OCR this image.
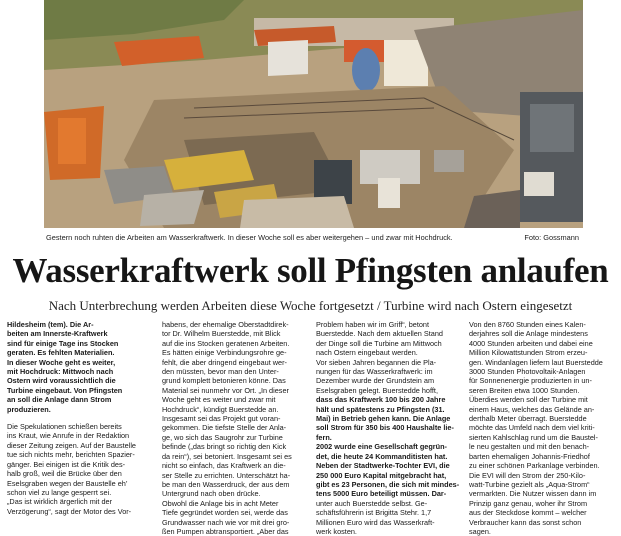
Gestern noch ruhten die Arbeiten am Wasserkraftwerk. In dieser Woche soll es aber weitergehen – und zwar mit Hochdruck.	Foto: Gossmann
Wasserkraftwerk soll Pfingsten anlaufen
Nach Unterbrechung werden Arbeiten diese Woche fortgesetzt / Turbine wird nach Ostern eingesetzt
Hildesheim (tem). Die Ar-
beiten am Innerste-Kraftwerk
sind für einige Tage ins Stocken
geraten. Es fehlten Materialien.
In dieser Woche geht es weiter,
mit Hochdruck: Mittwoch nach
Ostern wird voraussichtlich die
Turbine eingebaut. Von Pfingsten
an soll die Anlage dann Strom
produzieren.
Die Spekulationen schießen bereits
ins Kraut, wie Anrufe in der Redaktion
dieser Zeitung zeigen. Auf der Baustelle
tue sich nichts mehr, berichten Spazier-
gänger. Bei einigen ist die Kritik des-
halb groß, weil die Brücke über den
Eselsgraben wegen der Baustelle eh’
schon viel zu lange gesperrt sei.
„Das ist wirklich ärgerlich mit der
Verzögerung“, sagt der Motor des Vor-
habens, der ehemalige Oberstadtdirek-
tor Dr. Wilhelm Buerstedde, mit Blick
auf die ins Stocken geratenen Arbeiten.
Es hätten einige Verbindungsrohre ge-
fehlt, die aber dringend eingebaut wer-
den müssten, bevor man den Unter-
grund komplett betonieren könne. Das
Material sei nunmehr vor Ort. „In dieser
Woche geht es weiter und zwar mit
Hochdruck“, kündigt Buerstedde an.
Insgesamt sei das Projekt gut voran-
gekommen. Die tiefste Stelle der Anla-
ge, wo sich das Saugrohr zur Turbine
befinde („das bringt so richtig den Kick
da rein“), sei betoniert. Insgesamt sei es
nicht so einfach, das Kraftwerk an die-
ser Stelle zu errichten. Unterschätzt ha-
be man den Wasserdruck, der aus dem
Untergrund nach oben drücke.
Obwohl die Anlage bis in acht Meter
Tiefe gegründet worden sei, werde das
Grundwasser nach wie vor mit drei gro-
ßen Pumpen abtransportiert. „Aber das
Problem haben wir im Griff“, betont
Buerstedde. Nach dem aktuellen Stand
der Dinge soll die Turbine am Mittwoch
nach Ostern eingebaut werden.
Vor sieben Jahren begannen die Pla-
nungen für das Wasserkraftwerk: im
Dezember wurde der Grundstein am
Eselsgraben gelegt. Buerstedde hofft,
dass das Kraftwerk 100 bis 200 Jahre
hält und spätestens zu Pfingsten (31.
Mai) in Betrieb gehen kann. Die Anlage
soll Strom für 350 bis 400 Haushalte lie-
fern.
2002 wurde eine Gesellschaft gegrün-
det, die heute 24 Kommanditisten hat.
Neben der Stadtwerke-Tochter EVI, die
250 000 Euro Kapital mitgebracht hat,
gibt es 23 Personen, die sich mit mindes-
tens 5000 Euro beteiligt müssen. Dar-
unter auch Buerstedde selbst. Ge-
schäftsführerin ist Brigitta Stehr. 1,7
Millionen Euro wird das Wasserkraft-
werk kosten.
Von den 8760 Stunden eines Kalen-
derjahres soll die Anlage mindestens
4000 Stunden arbeiten und dabei eine
Million Kilowattstunden Strom erzeu-
gen. Windanlagen liefern laut Buerstedde
3000 Stunden Photovoltaik-Anlagen
für Sonnenenergie produzierten in un-
seren Breiten etwa 1000 Stunden.
Überdies werden soll der Turbine mit
einem Haus, welches das Gelände an-
derthalb Meter überragt. Buerstedde
möchte das Umfeld nach dem viel kriti-
sierten Kahlschlag rund um die Baustel-
le neu gestalten und mit den benach-
barten ehemaligen Johannis-Friedhof
zu einer schönen Parkanlage verbinden.
Die EVI will den Strom der 250-Kilo-
watt-Turbine gezielt als „Aqua-Strom“
vermarkten. Die Nutzer wissen dann im
Prinzip ganz genau, woher ihr Strom
aus der Steckdose kommt – welcher
Verbraucher kann das sonst schon
sagen.
